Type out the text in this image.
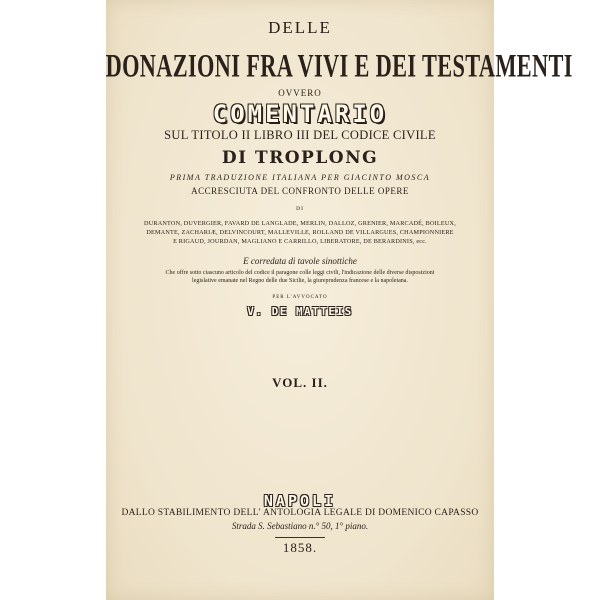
DELLE
DONAZIONI FRA VIVI E DEI TESTAMENTI
OVVERO
COMENTARIO
SUL TITOLO II LIBRO III DEL CODICE CIVILE
DI TROPLONG
PRIMA TRADUZIONE ITALIANA PER GIACINTO MOSCA
ACCRESCIUTA DEL CONFRONTO DELLE OPERE
DI
DURANTON, DUVERGIER, FAVARD DE LANGLADE, MERLIN, DALLOZ, GRENIER, MARCADÉ, BOILEUX,
DEMANTE, ZACHARIÆ, DELVINCOURT, MALLEVILLE, ROLLAND DE VILLARGUES, CHAMPIONNIERE
E RIGAUD, JOURDAN, MAGLIANO E CARRILLO, LIBERATORE, DE BERARDINIS, ecc.
E corredata di tavole sinottiche
Che offre sotto ciascuno articolo del codice il paragone colle leggi civili, l'indicazione delle diverse disposizioni
legislative emanate nel Regno delle due Sicilie, la giureprudenza francese e la napoletana.
PER L'AVVOCATO
V. DE MATTEIS
VOL. II.
NAPOLI
DALLO STABILIMENTO DELL' ANTOLOGIA LEGALE DI DOMENICO CAPASSO
Strada S. Sebastiano n.° 50, 1° piano.
1858.
